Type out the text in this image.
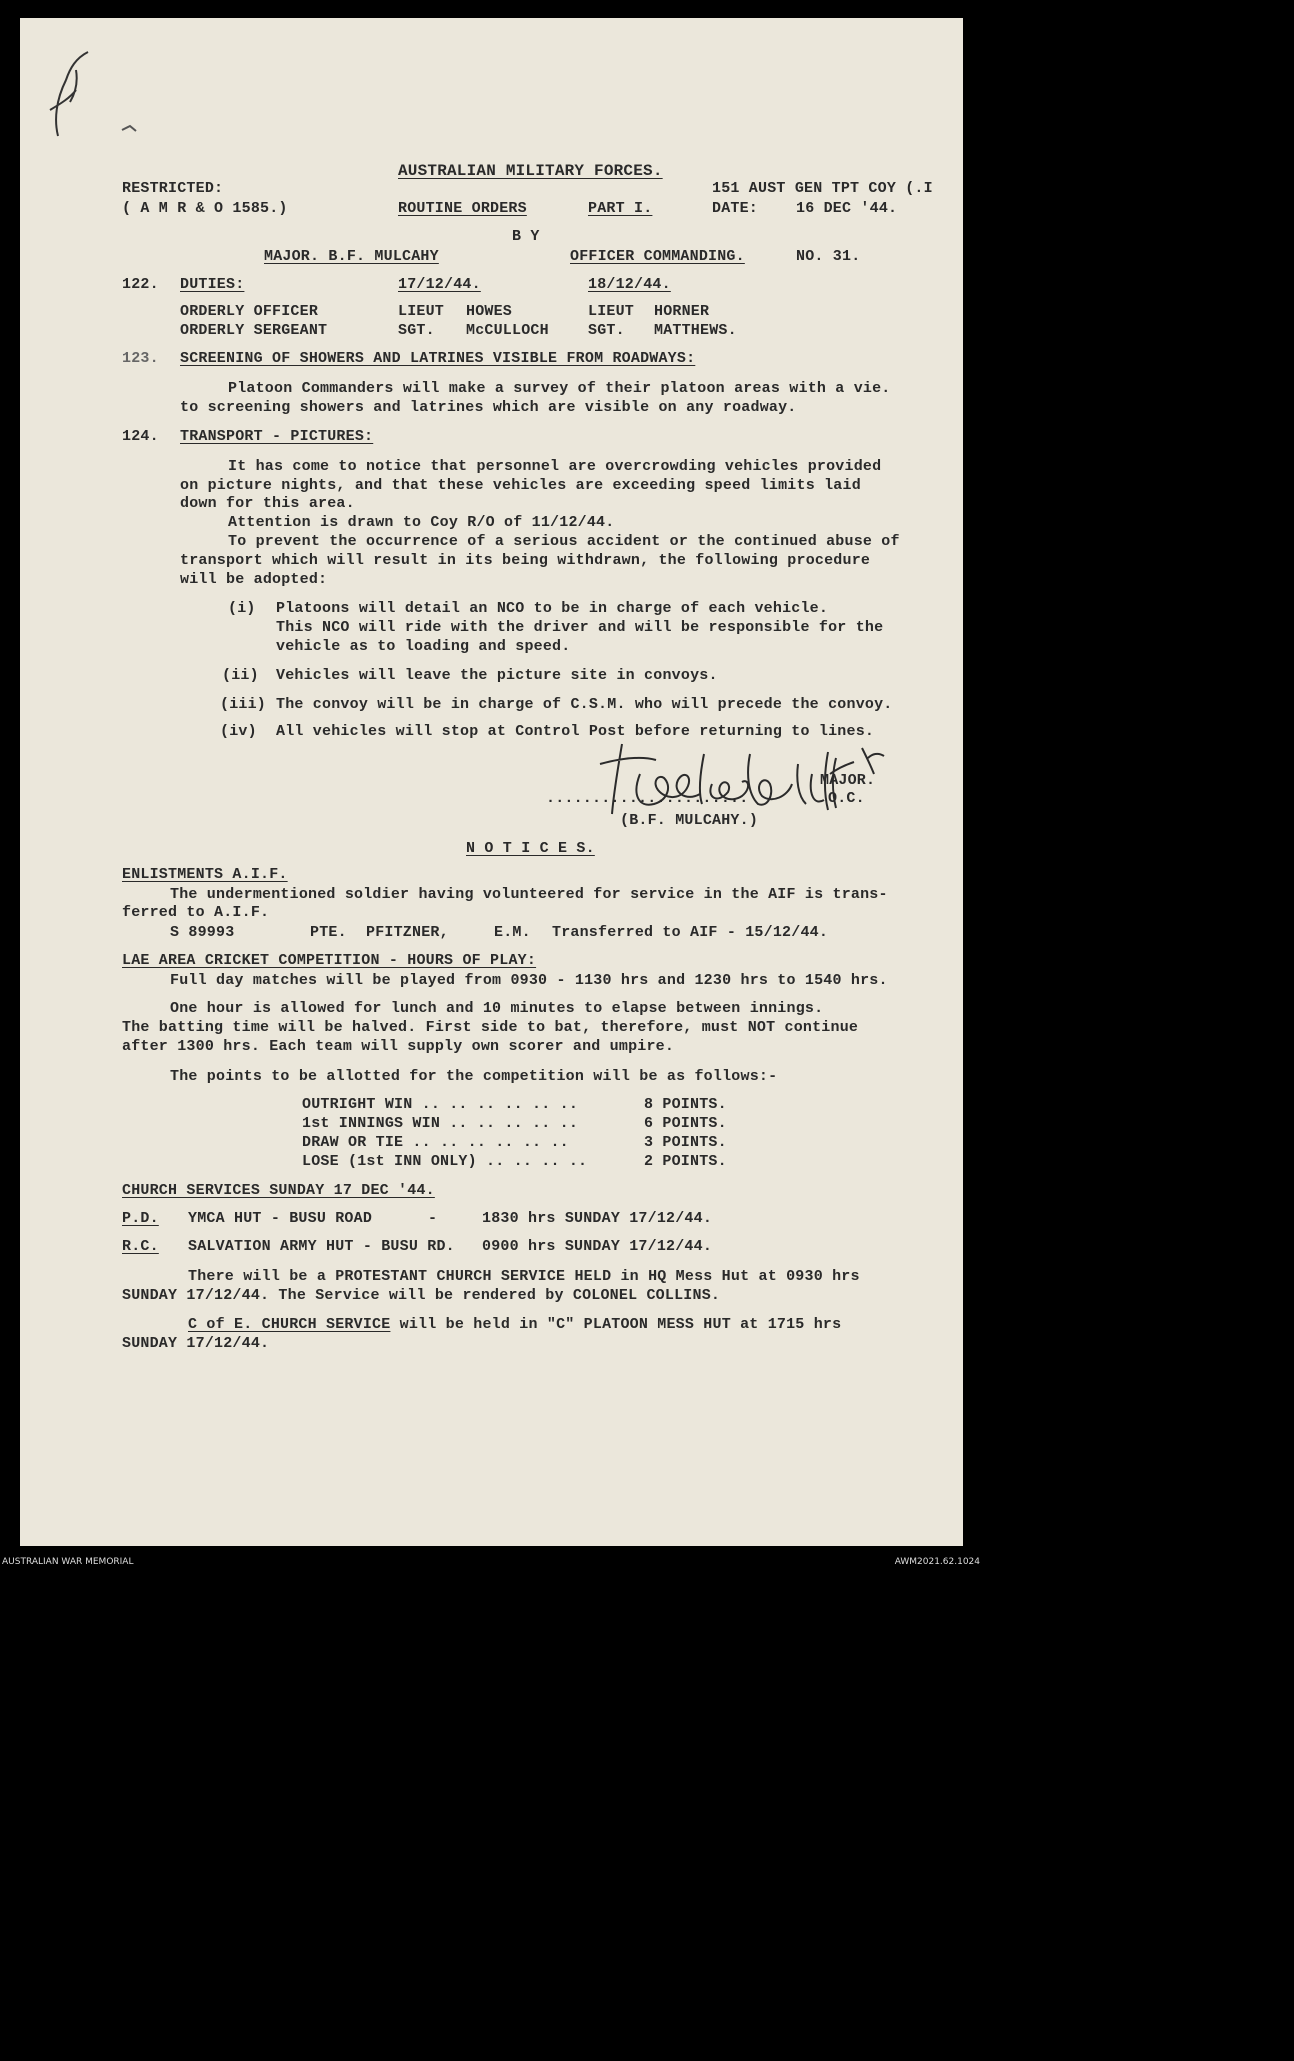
AUSTRALIAN MILITARY FORCES.
RESTRICTED:	151 AUST GEN TPT COY (.I
( A M R & O 1585.)	ROUTINE ORDERS	PART I.	DATE:	16 DEC '44.
B Y
MAJOR. B.F. MULCAHY	OFFICER COMMANDING.	NO. 31.
122. DUTIES:	17/12/44.	18/12/44.
ORDERLY OFFICER	LIEUT HOWES	LIEUT HORNER
ORDERLY SERGEANT	SGT. McCULLOCH	SGT. MATTHEWS.
123. SCREENING OF SHOWERS AND LATRINES VISIBLE FROM ROADWAYS:
Platoon Commanders will make a survey of their platoon areas with a vie.
to screening showers and latrines which are visible on any roadway.
124. TRANSPORT - PICTURES:
It has come to notice that personnel are overcrowding vehicles provided
on picture nights, and that these vehicles are exceeding speed limits laid
down for this area.
Attention is drawn to Coy R/O of 11/12/44.
To prevent the occurrence of a serious accident or the continued abuse of
transport which will result in its being withdrawn, the following procedure
will be adopted:
(i) Platoons will detail an NCO to be in charge of each vehicle.
This NCO will ride with the driver and will be responsible for the
vehicle as to loading and speed.
(ii) Vehicles will leave the picture site in convoys.
(iii) The convoy will be in charge of C.S.M. who will precede the convoy.
(iv) All vehicles will stop at Control Post before returning to lines.
MAJOR.
......................	O.C.
(B.F. MULCAHY.)
N O T I C E S.
ENLISTMENTS A.I.F.
The undermentioned soldier having volunteered for service in the AIF is trans-
ferred to A.I.F.
S 89993	PTE. PFITZNER,	E.M. Transferred to AIF - 15/12/44.
LAE AREA CRICKET COMPETITION - HOURS OF PLAY:
Full day matches will be played from 0930 - 1130 hrs and 1230 hrs to 1540 hrs.
One hour is allowed for lunch and 10 minutes to elapse between innings.
The batting time will be halved. First side to bat, therefore, must NOT continue
after 1300 hrs. Each team will supply own scorer and umpire.
The points to be allotted for the competition will be as follows:-
OUTRIGHT WIN .. .. .. .. .. ..	8 POINTS.
1st INNINGS WIN .. .. .. .. ..	6 POINTS.
DRAW OR TIE .. .. .. .. .. ..	3 POINTS.
LOSE (1st INN ONLY) .. .. .. ..	2 POINTS.
CHURCH SERVICES SUNDAY 17 DEC '44.
P.D. YMCA HUT - BUSU ROAD	-	1830 hrs SUNDAY 17/12/44.
R.C. SALVATION ARMY HUT - BUSU RD. 0900 hrs SUNDAY 17/12/44.
There will be a PROTESTANT CHURCH SERVICE HELD in HQ Mess Hut at 0930 hrs
SUNDAY 17/12/44. The Service will be rendered by COLONEL COLLINS.
C of E. CHURCH SERVICE will be held in "C" PLATOON MESS HUT at 1715 hrs
SUNDAY 17/12/44.
AUSTRALIAN WAR MEMORIAL	AWM2021.62.1024
